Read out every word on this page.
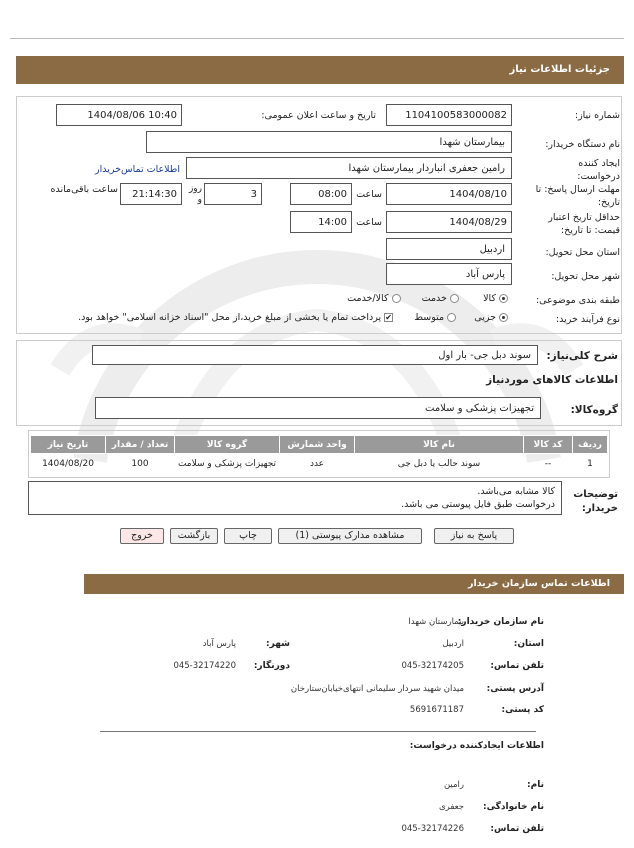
جزئیات اطلاعات نیاز
شماره نیاز:
1104100583000082
تاریخ و ساعت اعلان عمومی:
1404/08/06 10:40
نام دستگاه خریدار:
بیمارستان شهدا
ایجاد کننده درخواست:
رامین جعفری انباردار بیمارستان شهدا
اطلاعات تماس‌خریدار
مهلت ارسال پاسخ: تا تاریخ:
1404/08/10
ساعت
08:00
3
روز و
21:14:30
ساعت باقی‌مانده
حداقل تاریخ اعتبار قیمت: تا تاریخ:
1404/08/29
ساعت
14:00
استان محل تحویل:
اردبیل
شهر محل تحویل:
پارس آباد
طبقه بندی موضوعی:
کالا         خدمت        کالا/خدمت
نوع فرآیند خرید:
جزیی       متوسط       ✔ پرداخت تمام یا بخشی از مبلغ خرید،از محل "اسناد خزانه اسلامی" خواهد بود.
شرح کلی‌نیاز:
سوند دبل جی- بار اول
اطلاعات کالاهای موردنیاز
گروه‌کالا:
تجهیزات پزشکی و سلامت
ردیف	کد کالا	نام کالا	واحد شمارش	گروه کالا	تعداد / مقدار	تاریخ نیاز
1	--	سوند حالب یا دبل جی	عدد	تجهیزات پزشکی و سلامت	100	1404/08/20
توضیحات خریدار:
کالا مشابه می‌باشد.
درخواست طبق فایل پیوستی می باشد.
پاسخ به نیاز
مشاهده مدارک پیوستی (1)
چاپ
بازگشت
خروج
اطلاعات تماس سازمان خریدار
نام سازمان خریدار:
بیمارستان شهدا
استان:
اردبیل
شهر:
پارس آباد
تلفن تماس:
045-32174205
دورنگار:
045-32174220
آدرس پستی:
میدان شهید سردار سلیمانی انتهای‌خیابان‌ستارخان
کد پستی:
5691671187
اطلاعات ایجادکننده درخواست:
نام:
رامین
نام خانوادگی:
جعفری
تلفن تماس:
045-32174226
